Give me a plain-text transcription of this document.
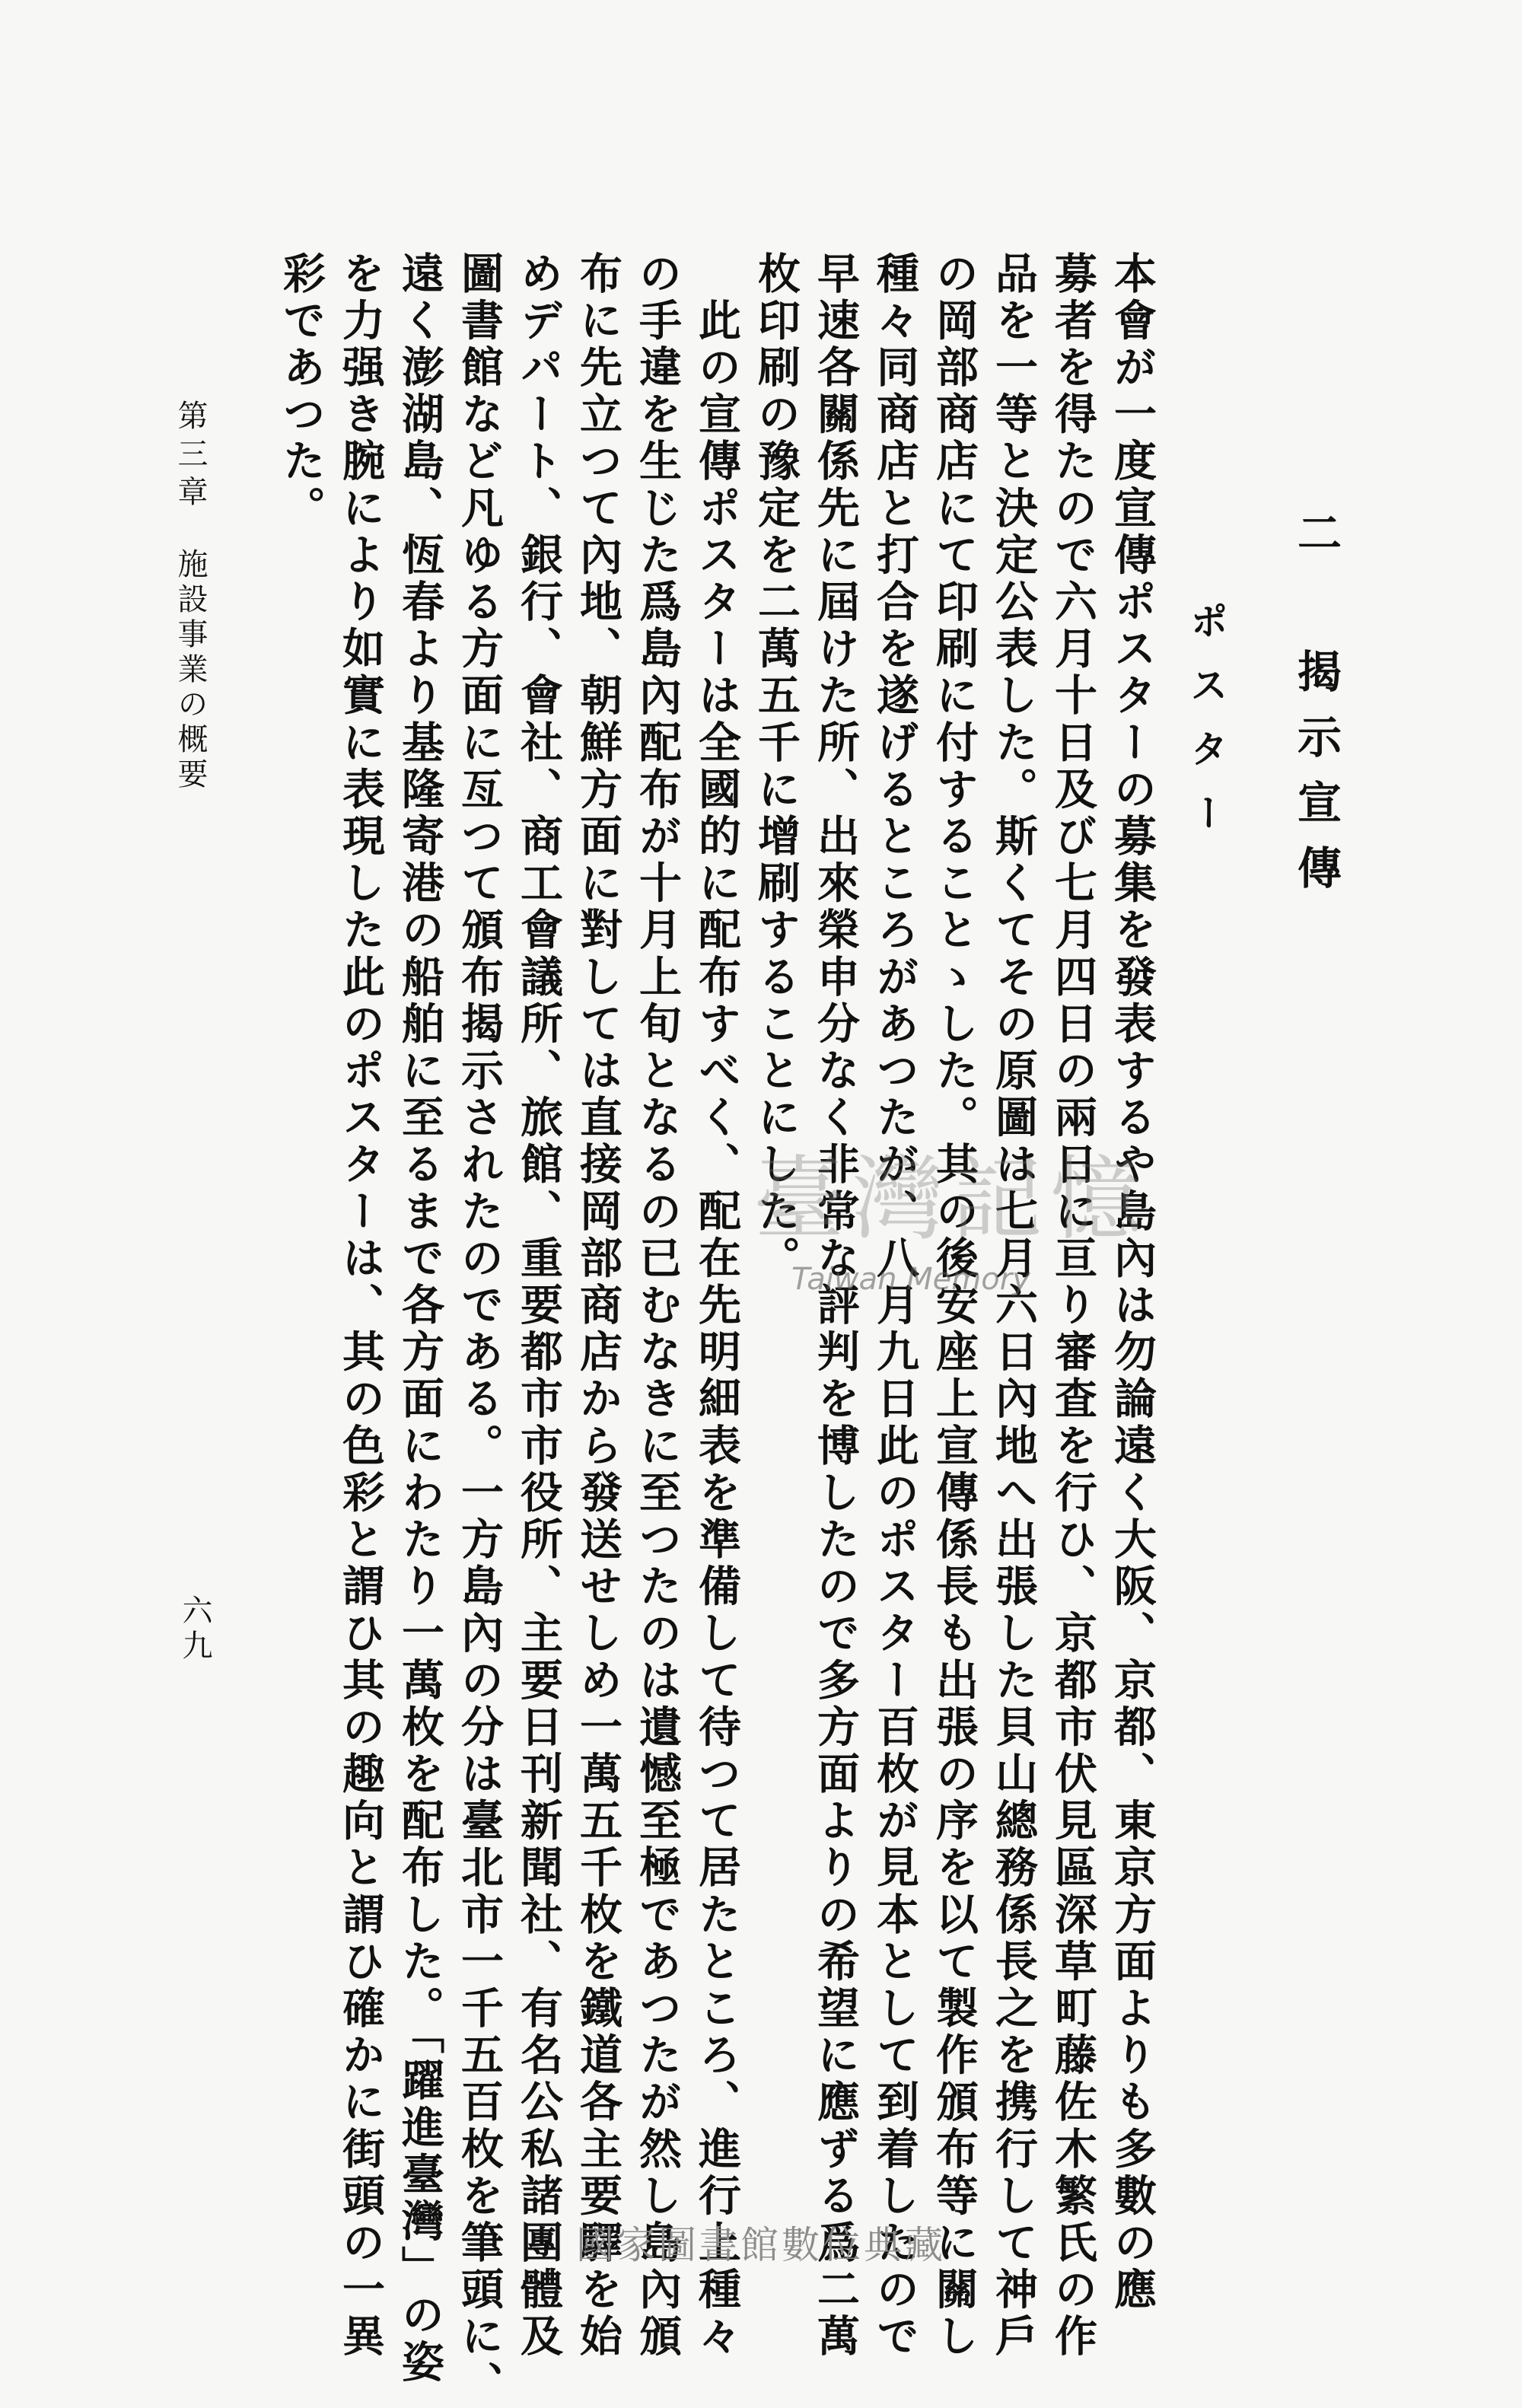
二 揭示宣傳
ポスター
本會が一度宣傳ポスターの募集を發表するや島內は勿論遠く大阪、京都、東京方面よりも多數の應
募者を得たので六月十日及び七月四日の兩日に亘り審査を行ひ、京都市伏見區深草町藤佐木繁氏の作
品を一等と決定公表した。斯くてその原圖は七月六日內地へ出張した貝山總務係長之を携行して神戶
の岡部商店にて印刷に付することゝした。其の後安座上宣傳係長も出張の序を以て製作頒布等に關し
種々同商店と打合を遂げるところがあつたが、八月九日此のポスター百枚が見本として到着したので
早速各關係先に屆けた所、出來榮申分なく非常な評判を博したので多方面よりの希望に應ずる爲二萬
枚印刷の豫定を二萬五千に增刷することにした。
　此の宣傳ポスターは全國的に配布すべく、配在先明細表を準備して待つて居たところ、進行上種々
の手違を生じた爲島內配布が十月上旬となるの已むなきに至つたのは遺憾至極であつたが然し島內頒
布に先立つて內地、朝鮮方面に對しては直接岡部商店から發送せしめ一萬五千枚を鐵道各主要驛を始
めデパート、銀行、會社、商工會議所、旅館、重要都市市役所、主要日刊新聞社、有名公私諸團體及
圖書館など凡ゆる方面に亙つて頒布揭示されたのである。一方島內の分は臺北市一千五百枚を筆頭に、
遠く澎湖島、恆春より基隆寄港の船舶に至るまで各方面にわたり一萬枚を配布した。「躍進臺灣」の姿
を力强き腕により如實に表現した此のポスターは、其の色彩と謂ひ其の趣向と謂ひ確かに街頭の一異
彩であつた。
第三章
施設事業の概要
六九
臺灣記憶
Taiwan Memory
國家圖書館數位典藏
